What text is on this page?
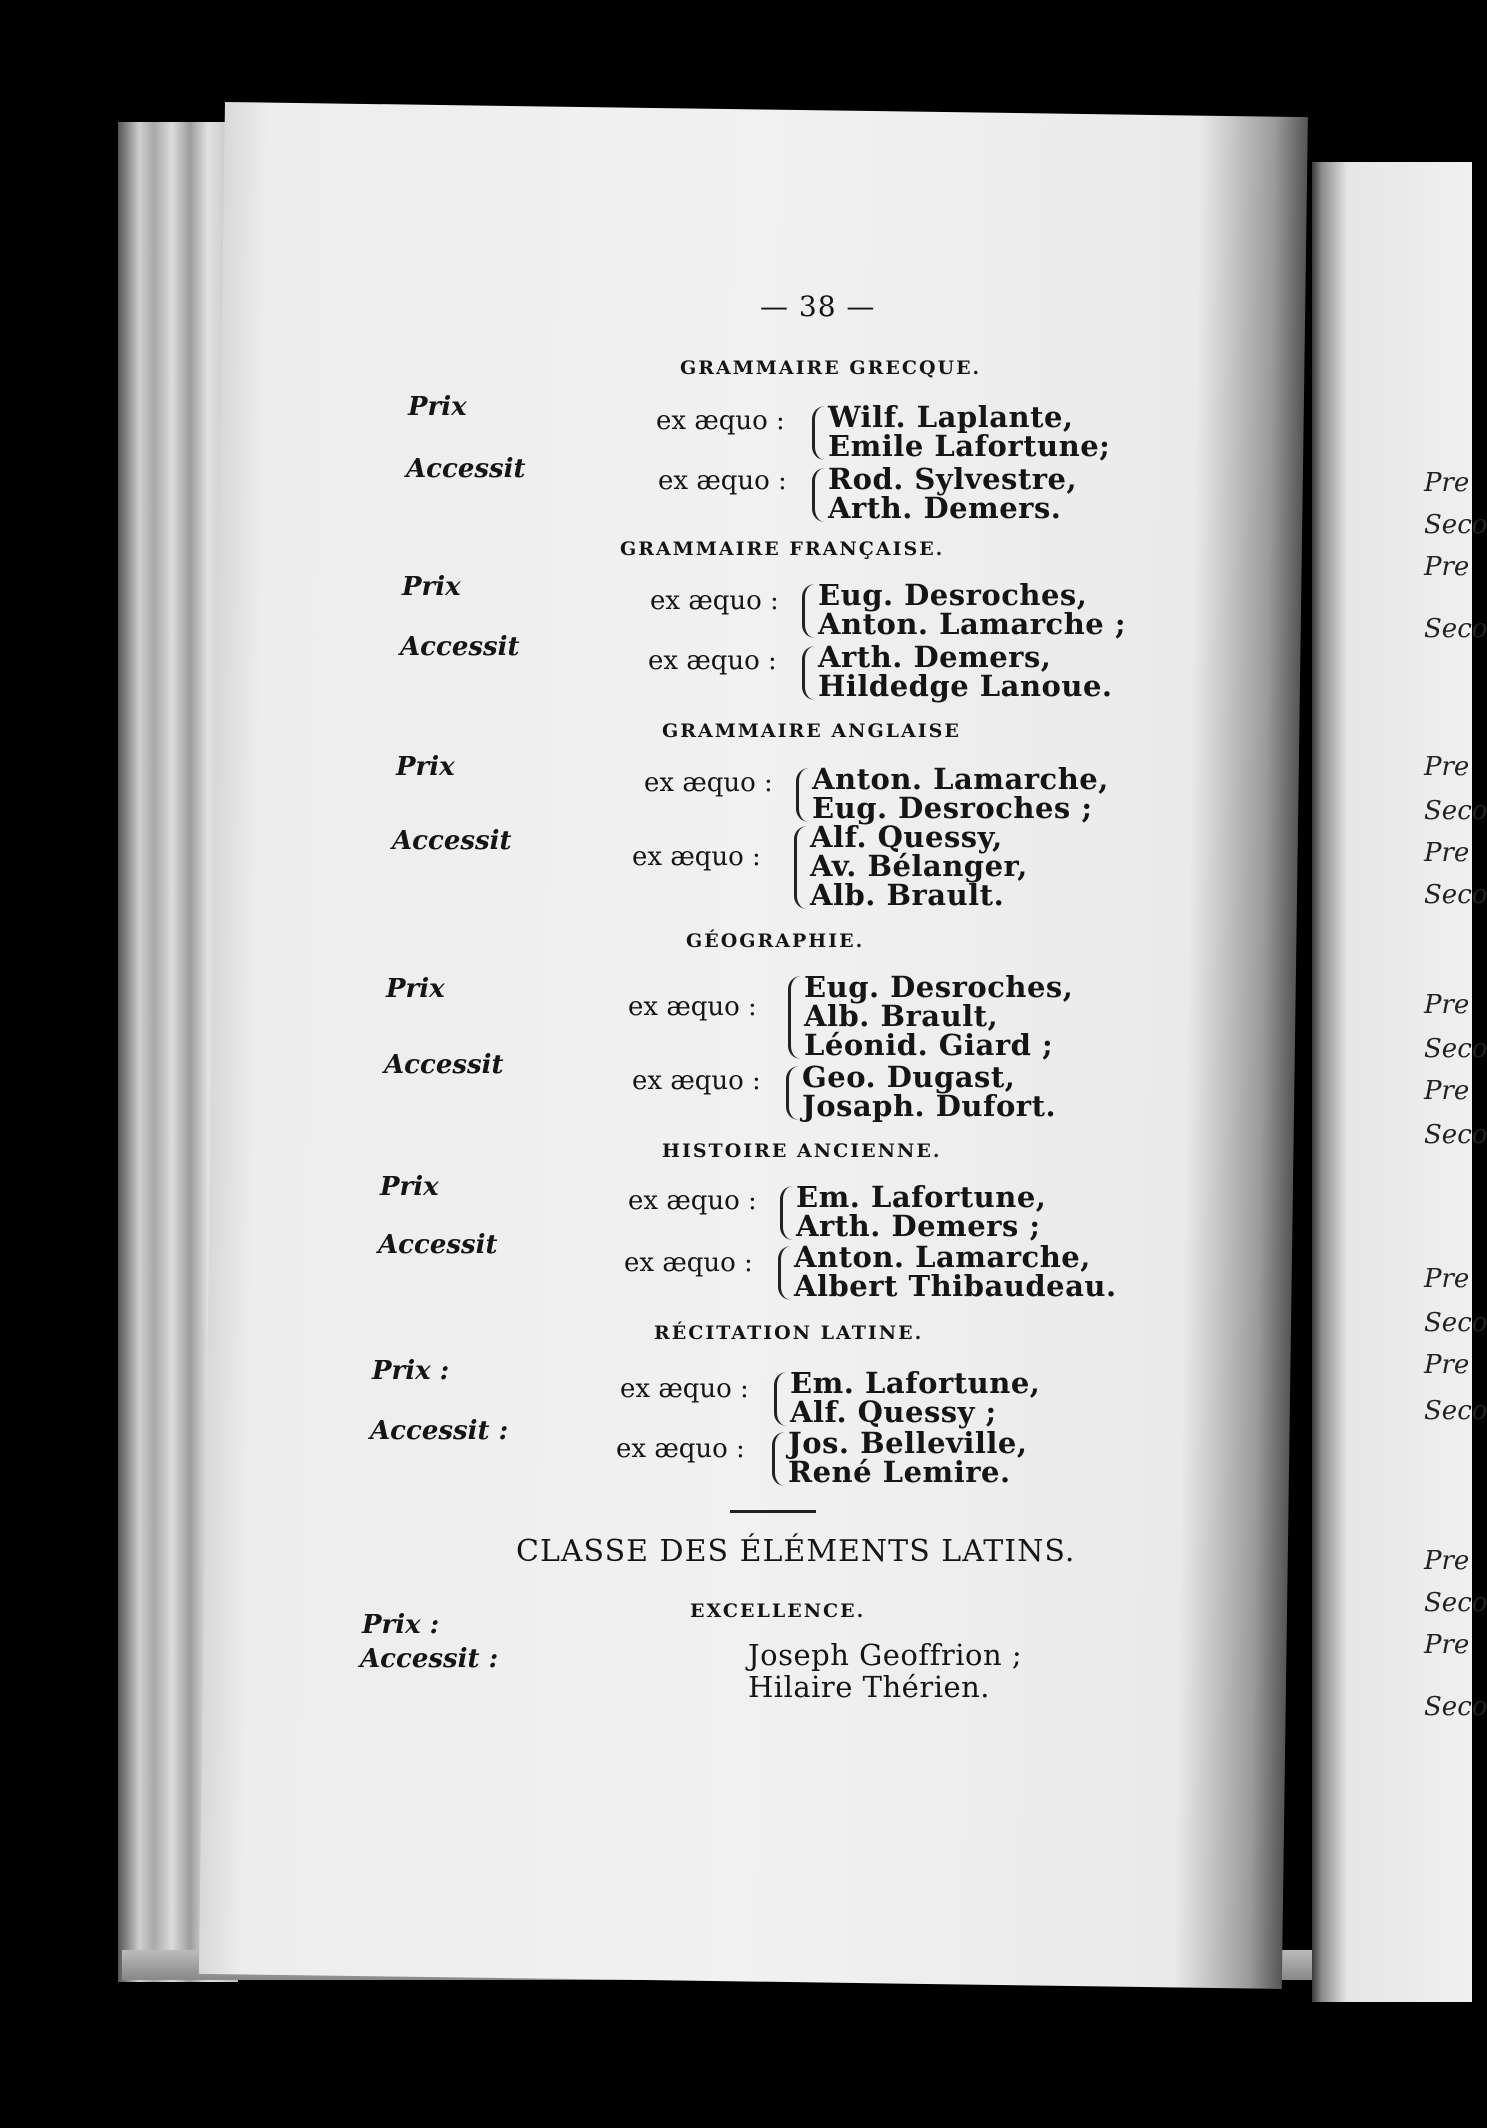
Pre
Seco
Pre
Seco
Pre
Seco
Pre
Seco
Pre
Seco
Pre
Seco
Pre
Seco
Pre
Seco
Pre
Seco
Pre
Seco
— 38 —
GRAMMAIRE GRECQUE.
Prix
Accessit
ex æquo :
ex æquo :
Wilf. Laplante,
Emile Lafortune;
Rod. Sylvestre,
Arth. Demers.
GRAMMAIRE FRANÇAISE.
Prix
Accessit
ex æquo :
ex æquo :
Eug. Desroches,
Anton. Lamarche ;
Arth. Demers,
Hildedge Lanoue.
GRAMMAIRE ANGLAISE
Prix
Accessit
ex æquo :
ex æquo :
Anton. Lamarche,
Eug. Desroches ;
Alf. Quessy,
Av. Bélanger,
Alb. Brault.
GÉOGRAPHIE.
Prix
Accessit
ex æquo :
ex æquo :
Eug. Desroches,
Alb. Brault,
Léonid. Giard ;
Geo. Dugast,
Josaph. Dufort.
HISTOIRE ANCIENNE.
Prix
Accessit
ex æquo :
ex æquo :
Em. Lafortune,
Arth. Demers ;
Anton. Lamarche,
Albert Thibaudeau.
RÉCITATION LATINE.
Prix :
Accessit :
ex æquo :
ex æquo :
Em. Lafortune,
Alf. Quessy ;
Jos. Belleville,
René Lemire.
CLASSE DES ÉLÉMENTS LATINS.
EXCELLENCE.
Prix :
Accessit :	Joseph Geoffrion ;
Hilaire Thérien.
